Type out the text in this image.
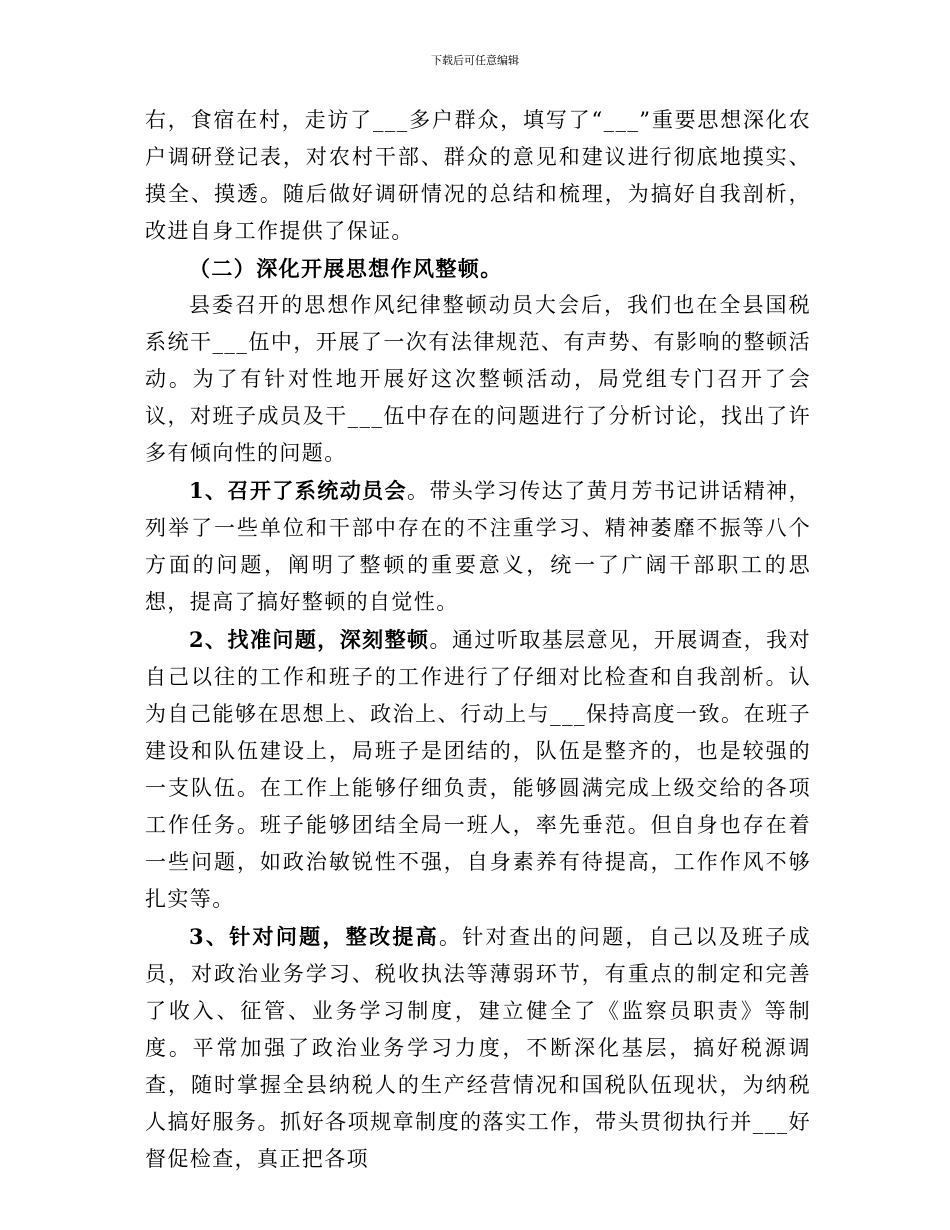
下载后可任意编辑

右，食宿在村，走访了___多户群众，填写了“___”重要思想深化农户调研登记表，对农村干部、群众的意见和建议进行彻底地摸实、摸全、摸透。随后做好调研情况的总结和梳理，为搞好自我剖析，改进自身工作提供了保证。

（二）深化开展思想作风整顿。

县委召开的思想作风纪律整顿动员大会后，我们也在全县国税系统干___伍中，开展了一次有法律规范、有声势、有影响的整顿活动。为了有针对性地开展好这次整顿活动，局党组专门召开了会议，对班子成员及干___伍中存在的问题进行了分析讨论，找出了许多有倾向性的问题。

1、召开了系统动员会。带头学习传达了黄月芳书记讲话精神，列举了一些单位和干部中存在的不注重学习、精神萎靡不振等八个方面的问题，阐明了整顿的重要意义，统一了广阔干部职工的思想，提高了搞好整顿的自觉性。

2、找准问题，深刻整顿。通过听取基层意见，开展调查，我对自己以往的工作和班子的工作进行了仔细对比检查和自我剖析。认为自己能够在思想上、政治上、行动上与___保持高度一致。在班子建设和队伍建设上，局班子是团结的，队伍是整齐的，也是较强的一支队伍。在工作上能够仔细负责，能够圆满完成上级交给的各项工作任务。班子能够团结全局一班人，率先垂范。但自身也存在着一些问题，如政治敏锐性不强，自身素养有待提高，工作作风不够扎实等。

3、针对问题，整改提高。针对查出的问题，自己以及班子成员，对政治业务学习、税收执法等薄弱环节，有重点的制定和完善了收入、征管、业务学习制度，建立健全了《监察员职责》等制度。平常加强了政治业务学习力度，不断深化基层，搞好税源调查，随时掌握全县纳税人的生产经营情况和国税队伍现状，为纳税人搞好服务。抓好各项规章制度的落实工作，带头贯彻执行并___好督促检查，真正把各项
